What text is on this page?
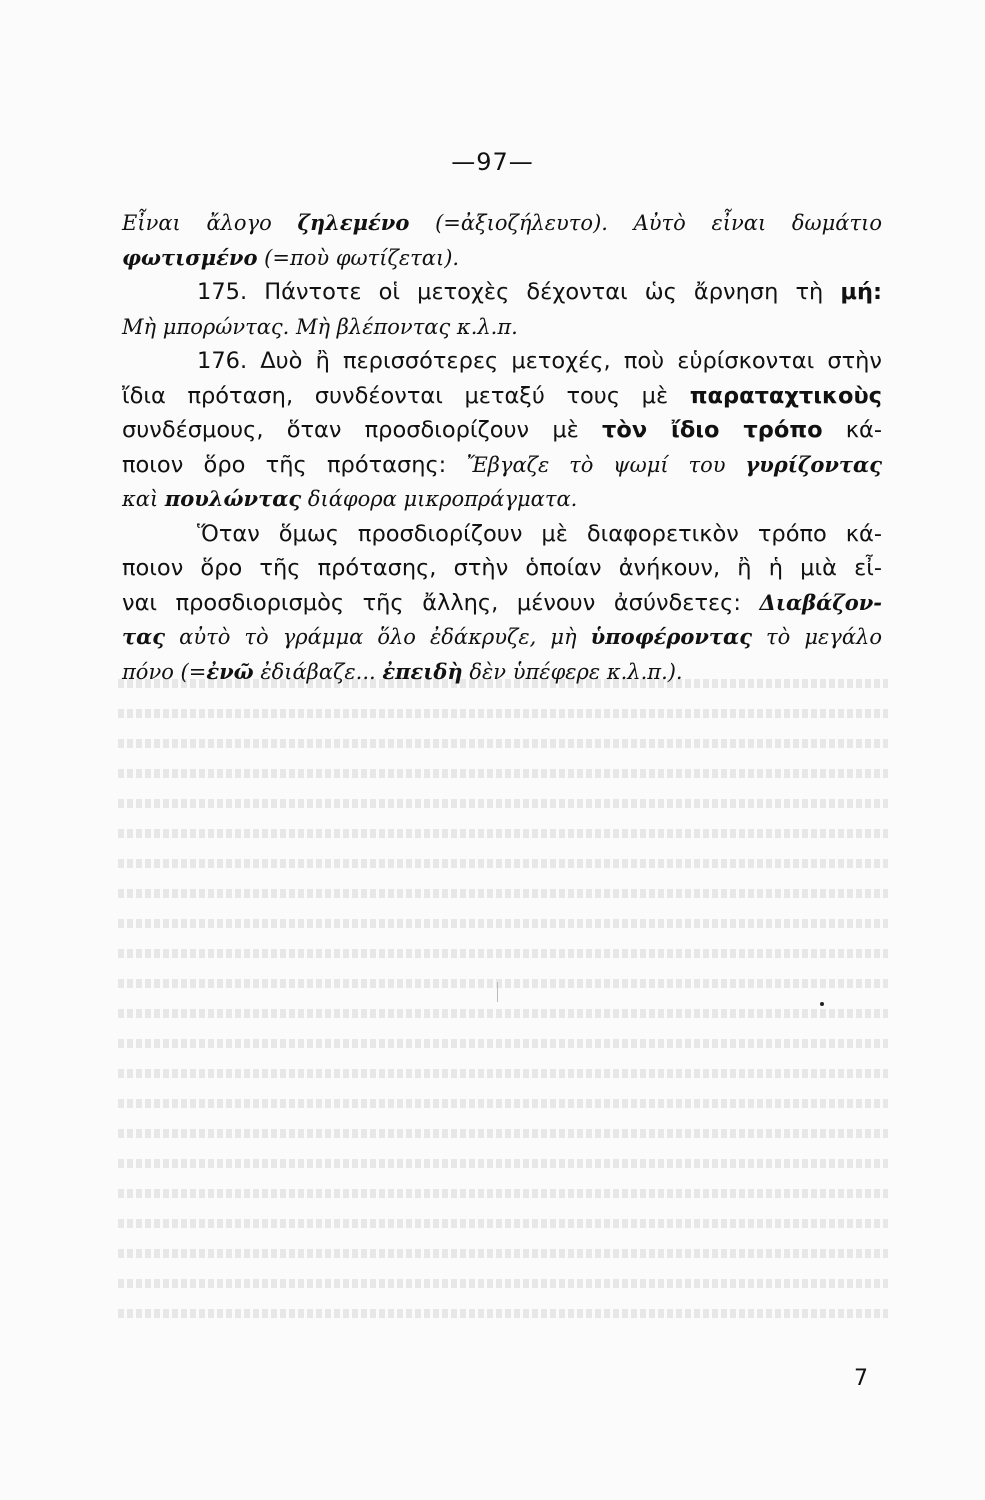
—97—

Εἶναι ἄλογο ζηλεμένο (=ἀξιοζήλευτο). Αὐτὸ εἶναι δωμάτιο

φωτισμένο (=ποὺ φωτίζεται).

175. Πάντοτε οἱ μετοχὲς δέχονται ὡς ἄρνηση τὴ μή:

Μὴ μπορώντας. Μὴ βλέποντας κ.λ.π.

176. Δυὸ ἢ περισσότερες μετοχές, ποὺ εὑρίσκονται στὴν

ἴδια πρόταση, συνδέονται μεταξύ τους μὲ παραταχτικοὺς

συνδέσμους, ὅταν προσδιορίζουν μὲ τὸν ἴδιο τρόπο κά-

ποιον ὅρο τῆς πρότασης: Ἔβγαζε τὸ ψωμί του γυρίζοντας

καὶ πουλώντας διάφορα μικροπράγματα.

Ὅταν ὅμως προσδιορίζουν μὲ διαφορετικὸν τρόπο κά-

ποιον ὅρο τῆς πρότασης, στὴν ὁποίαν ἀνήκουν, ἢ ἡ μιὰ εἶ-

ναι προσδιορισμὸς τῆς ἄλλης, μένουν ἀσύνδετες: Διαβάζον-

τας αὐτὸ τὸ γράμμα ὅλο ἐδάκρυζε, μὴ ὑποφέροντας τὸ μεγάλο

πόνο (=ἐνῶ ἐδιάβαζε... ἐπειδὴ δὲν ὑπέφερε κ.λ.π.).

7
